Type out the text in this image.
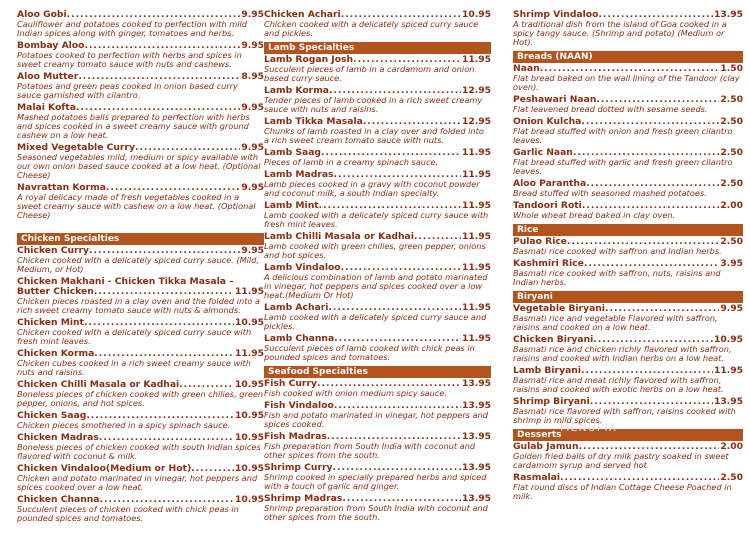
Aloo Gobi .....	9.95
Cauliflower and potatoes cooked to perfection with mild Indian spices along with ginger, tomatoes and herbs.
Bombay Aloo .....	9.95
Potatoes cooked to perfection with herbs and spices in sweet creamy tomato sauce with nuts and cashews.
Aloo Mutter .....	8.95
Potatoes and green peas cooked in onion based curry sauce garnished with cilantro.
Malai Kofta .....	9.95
Mashed potatoes balls prepared to perfection with herbs and spices cooked in a sweet creamy sauce with ground cashew on a low heat.
Mixed Vegetable Curry .....	9.95
Seasoned vegetables mild, medium or spicy available with our own onion based sauce cooked at a low heat. (Optional Cheese)
Navrattan Korma .....	9.95
A royal delicacy made of fresh vegetables cooked in a sweet creamy sauce with cashew on a low heat. (Optional Cheese)
Chicken Specialties
Chicken Curry .....	9.95
Chicken cooked with a delicately spiced curry sauce. (Mild, Medium, or Hot)
Chicken Makhani - Chicken Tikka Masala –
Butter Chicken .....	11.95
Chicken pieces roasted in a clay oven and the folded into a rich sweet creamy tomato sauce with nuts & almonds.
Chicken Mint .....	10.95
Chicken cooked with a delicately spiced curry sauce with fresh mint leaves.
Chicken Korma .....	11.95
Chicken cubes cooked in a rich sweet creamy sauce with nuts and raisins.
Chicken Chilli Masala or Kadhai .....	10.95
Boneless pieces of chicken cooked with green chilies, green pepper, onions, and hot spices.
Chicken Saag .....	10.95
Chicken pieces smothered in a spicy spinach sauce.
Chicken Madras .....	10.95
Boneless pieces of chicken cooked with south Indian spices flavored with coconut & milk.
Chicken Vindaloo(Medium or Hot) .....	10.95
Chicken and potato marinated in vinegar, hot peppers and spices cooked over a low heat.
Chicken Channa .....	10.95
Succulent pieces of chicken cooked with chick peas in pounded spices and tomatoes.
Chicken Achari .....	10.95
Chicken cooked with a delicately spiced curry sauce and pickles.
Lamb Specialties
Lamb Rogan Josh .....	11.95
Succulent pieces of lamb in a cardamom and onion based curry sauce.
Lamb Korma .....	12.95
Tender pieces of lamb cooked in a rich sweet creamy sauce with nuts and raisins.
Lamb Tikka Masala .....	12.95
Chunks of lamb roasted in a clay over and folded into a rich sweet cream tomato sauce with nuts.
Lamb Saag .....	11.95
Pieces of lamb in a creamy spinach sauce.
Lamb Madras .....	11.95
Lamb pieces cooked in a gravy with coconut powder and coconut milk, a south Indian specialty.
Lamb Mint .....	11.95
Lamb cooked with a delicately spiced curry sauce with fresh mint leaves.
Lamb Chilli Masala or Kadhai .....	11.95
Lamb cooked with green chilies, green pepper, onions and hot spices.
Lamb Vindaloo .....	11.95
A delicious combination of lamb and potato marinated in vinegar, hot peppers and spices cooked over a low heat.(Medium Or Hot)
Lamb Achari .....	11.95
Lamb cooked with a delicately spiced curry sauce and pickles.
Lamb Channa .....	11.95
Succulent pieces of lamb cooked with chick peas in pounded spices and tomatoes.
Seafood Specialties
Fish Curry .....	13.95
Fish cooked with onion medium spicy sauce.
Fish Vindaloo .....	13.95
Fish and potato marinated in vinegar, hot peppers and spices cooked.
Fish Madras .....	13.95
Fish preparation from South India with coconut and other spices from the south.
Shrimp Curry .....	13.95
Shrimp cooked in specially prepared herbs and spiced with a touch of garlic and ginger.
Shrimp Madras .....	13.95
Shrimp preparation from South India with coconut and other spices from the south.
Shrimp Vindaloo .....	13.95
A traditional dish from the island of Goa cooked in a spicy tangy sauce. (Shrimp and potato) (Medium or Hot).
Breads (NAAN)
Naan .....	1.50
Flat bread baked on the wall lining of the Tandoor (clay oven).
Peshawari Naan .....	2.50
Flat leavened bread dotted with sesame seeds.
Onion Kulcha .....	2.50
Flat bread stuffed with onion and fresh green cilantro leaves.
Garlic Naan .....	2.50
Flat bread stuffed with garlic and fresh green cilantro leaves.
Aloo Parantha .....	2.50
Bread stuffed with seasoned mashed potatoes.
Tandoori Roti .....	2.00
Whole wheat bread baked in clay oven.
Rice
Pulao Rice .....	2.50
Basmati rice cooked with saffron and Indian herbs.
Kashmiri Rice .....	3.95
Basmati rice cooked with saffron, nuts, raisins and Indian herbs.
Biryani
Vegetable Biryani .....	9.95
Basmati rice and vegetable Flavored with saffron, raisins and cooked on a low heat.
Chicken Biryani .....	10.95
Basmati rice and chicken richly flavored with saffron, raisins and cooked with Indian herbs on a low heat.
Lamb Biryani .....	11.95
Basmati rice and meat richly flavored with saffron, raisins and cooked with exotic herbs on a low heat.
Shrimp Biryani .....	13.95
Basmati rice flavored with saffron, raisins cooked with shrimp in mild spices.
Desserts
Gulab Jamun .....	2.00
Golden fried balls of dry milk pastry soaked in sweet cardamom syrup and served hot.
Rasmalai .....	2.50
Flat round discs of Indian Cottage Cheese Poached in milk.
MENUPIX
